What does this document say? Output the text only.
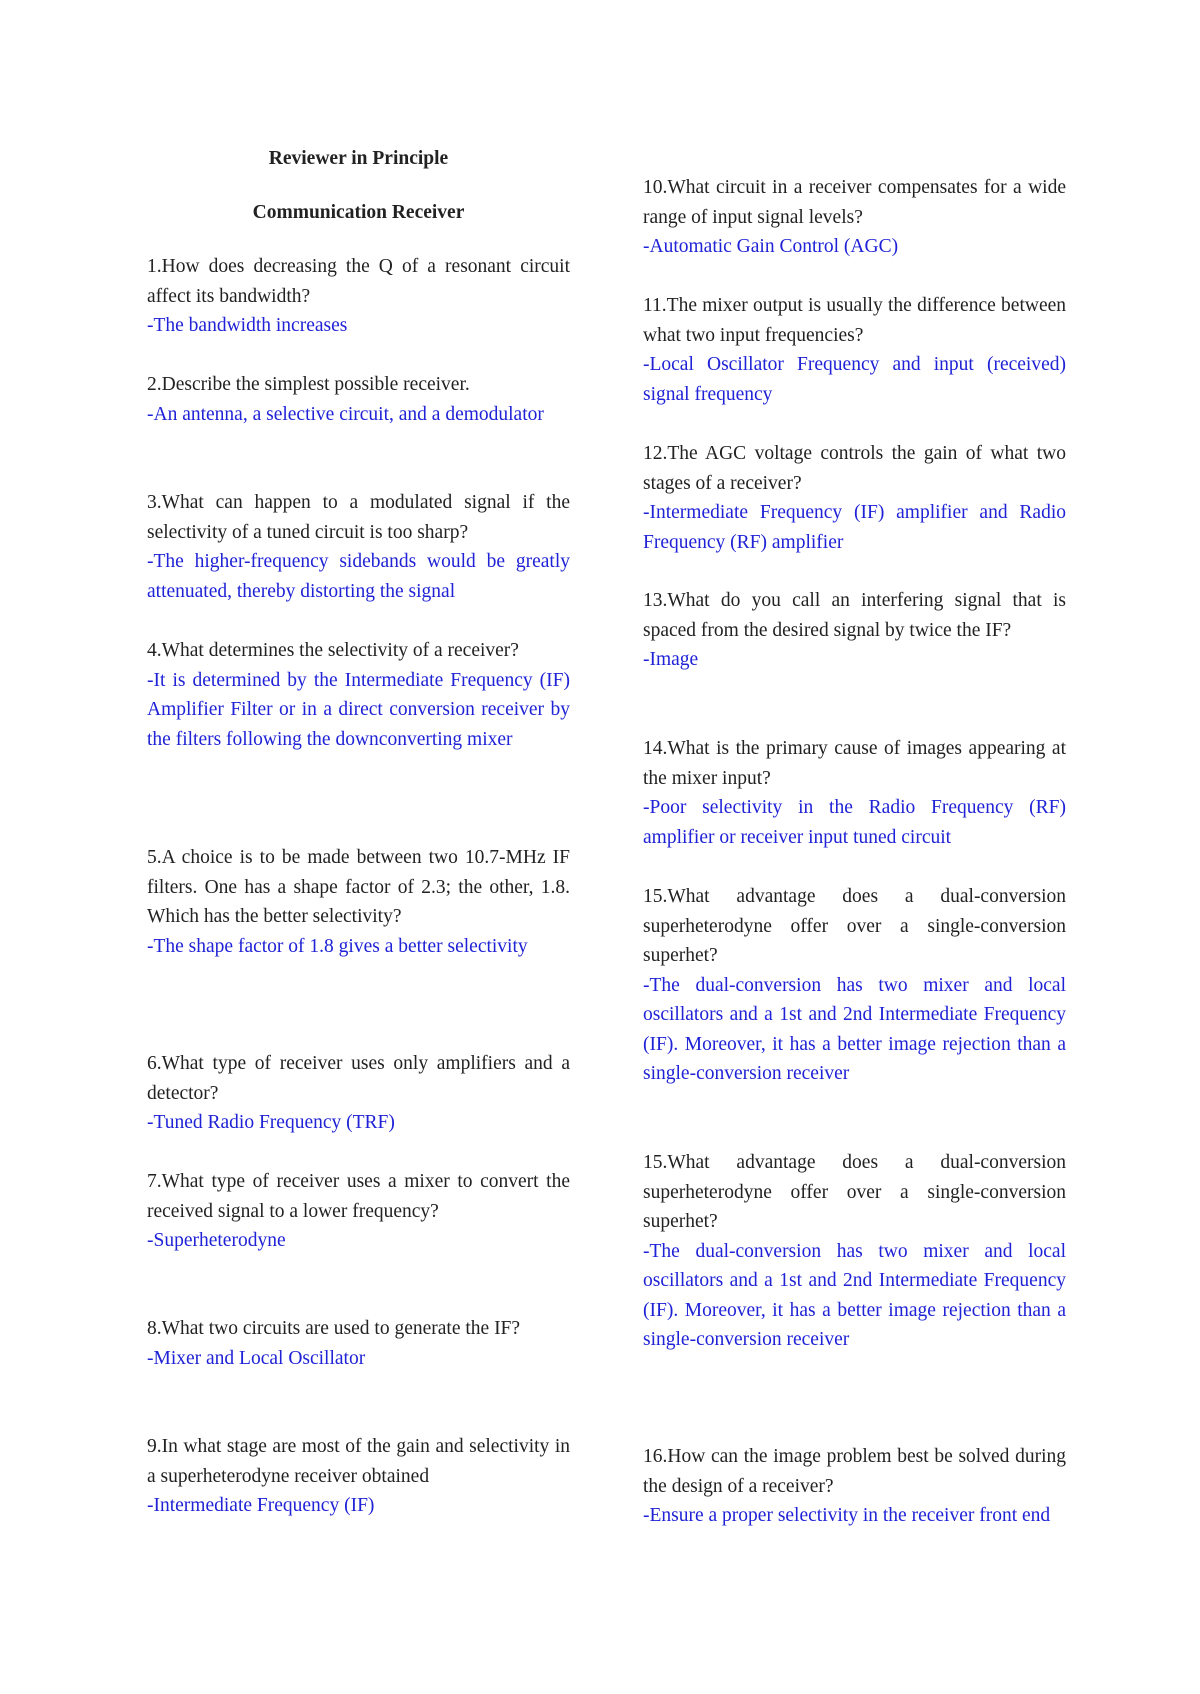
Reviewer in Principle
Communication Receiver

1.How does decreasing the Q of a resonant circuit affect its bandwidth?

-The bandwidth increases

2.Describe the simplest possible receiver.

-An antenna, a selective circuit, and a demodulator

3.What can happen to a modulated signal if the selectivity of a tuned circuit is too sharp?

-The higher-frequency sidebands would be greatly attenuated, thereby distorting the signal

4.What determines the selectivity of a receiver?

-It is determined by the Intermediate Frequency (IF) Amplifier Filter or in a direct conversion receiver by the filters following the downconverting mixer

5.A choice is to be made between two 10.7-MHz IF filters. One has a shape factor of 2.3; the other, 1.8. Which has the better selectivity?

-The shape factor of 1.8 gives a better selectivity

6.What type of receiver uses only amplifiers and a detector?

-Tuned Radio Frequency (TRF)

7.What type of receiver uses a mixer to convert the received signal to a lower frequency?

-Superheterodyne

8.What two circuits are used to generate the IF?

-Mixer and Local Oscillator

9.In what stage are most of the gain and selectivity in a superheterodyne receiver obtained

-Intermediate Frequency (IF)

10.What circuit in a receiver compensates for a wide range of input signal levels?

-Automatic Gain Control (AGC)

11.The mixer output is usually the difference between what two input frequencies?

-Local Oscillator Frequency and input (received) signal frequency

12.The AGC voltage controls the gain of what two stages of a receiver?

-Intermediate Frequency (IF) amplifier and Radio Frequency (RF) amplifier

13.What do you call an interfering signal that is spaced from the desired signal by twice the IF?

-Image

14.What is the primary cause of images appearing at the mixer input?

-Poor selectivity in the Radio Frequency (RF) amplifier or receiver input tuned circuit

15.What advantage does a dual-conversion superheterodyne offer over a single-conversion superhet?

-The dual-conversion has two mixer and local oscillators and a 1st and 2nd Intermediate Frequency (IF). Moreover, it has a better image rejection than a single-conversion receiver

15.What advantage does a dual-conversion superheterodyne offer over a single-conversion superhet?

-The dual-conversion has two mixer and local oscillators and a 1st and 2nd Intermediate Frequency (IF). Moreover, it has a better image rejection than a single-conversion receiver

16.How can the image problem best be solved during the design of a receiver?

-Ensure a proper selectivity in the receiver front end
